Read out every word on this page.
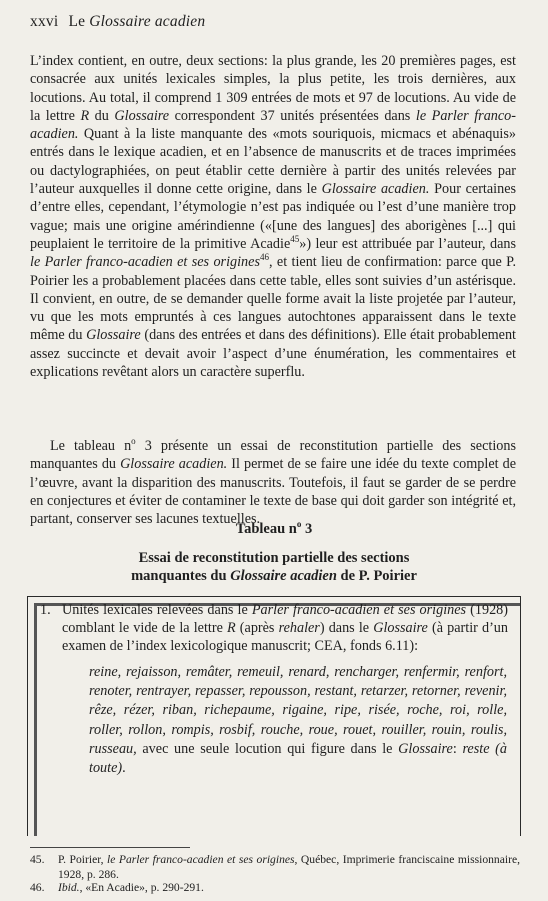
xxvi Le Glossaire acadien

L’index contient, en outre, deux sections: la plus grande, les 20 premières pages, est consacrée aux unités lexicales simples, la plus petite, les trois dernières, aux locutions. Au total, il comprend 1 309 entrées de mots et 97 de locutions. Au vide de la lettre R du Glossaire correspondent 37 unités présentées dans le Parler franco-acadien. Quant à la liste manquante des «mots souriquois, micmacs et abénaquis» entrés dans le lexique acadien, et en l’absence de manuscrits et de traces imprimées ou dactylographiées, on peut établir cette dernière à partir des unités relevées par l’auteur auxquelles il donne cette origine, dans le Glossaire acadien. Pour certaines d’entre elles, cependant, l’étymologie n’est pas indiquée ou l’est d’une manière trop vague; mais une origine amérindienne («[une des langues] des aborigènes [...] qui peuplaient le territoire de la primitive Acadie$^{45}$») leur est attribuée par l’auteur, dans le Parler franco-acadien et ses origines$^{46}$, et tient lieu de confirmation: parce que P. Poirier les a probablement placées dans cette table, elles sont suivies d’un astérisque. Il convient, en outre, de se demander quelle forme avait la liste projetée par l’auteur, vu que les mots empruntés à ces langues autochtones apparaissent dans le texte même du Glossaire (dans des entrées et dans des définitions). Elle était probablement assez succincte et devait avoir l’aspect d’une énumération, les commentaires et explications revêtant alors un caractère superflu.

Le tableau $n^o$ 3 présente un essai de reconstitution partielle des sections manquantes du Glossaire acadien. Il permet de se faire une idée du texte complet de l’œuvre, avant la disparition des manuscrits. Toutefois, il faut se garder de se perdre en conjectures et éviter de contaminer le texte de base qui doit garder son intégrité et, partant, conserver ses lacunes textuelles.

Tableau $n^o$ 3
Essai de reconstitution partielle des sections
manquantes du Glossaire acadien de P. Poirier
1. Unités lexicales relevées dans le Parler franco-acadien et ses origines (1928) comblant le vide de la lettre R (après rehaler) dans le Glossaire (à partir d’un examen de l’index lexicologique manuscrit; CEA, fonds 6.11):

reine, rejaisson, remâter, remeuil, renard, rencharger, renfermir, renfort, renoter, rentrayer, repasser, repousson, restant, retarzer, retorner, revenir, rêze, rézer, riban, richepaume, rigaine, ripe, risée, roche, roi, rolle, roller, rollon, rompis, rosbif, rouche, roue, rouet, rouiller, rouin, roulis, russeau, avec une seule locution qui figure dans le Glossaire: reste (à toute).

45.	P. Poirier, le Parler franco-acadien et ses origines, Québec, Imprimerie franciscaine missionnaire, 1928, p. 286.

46.	Ibid., «En Acadie», p. 290-291.
